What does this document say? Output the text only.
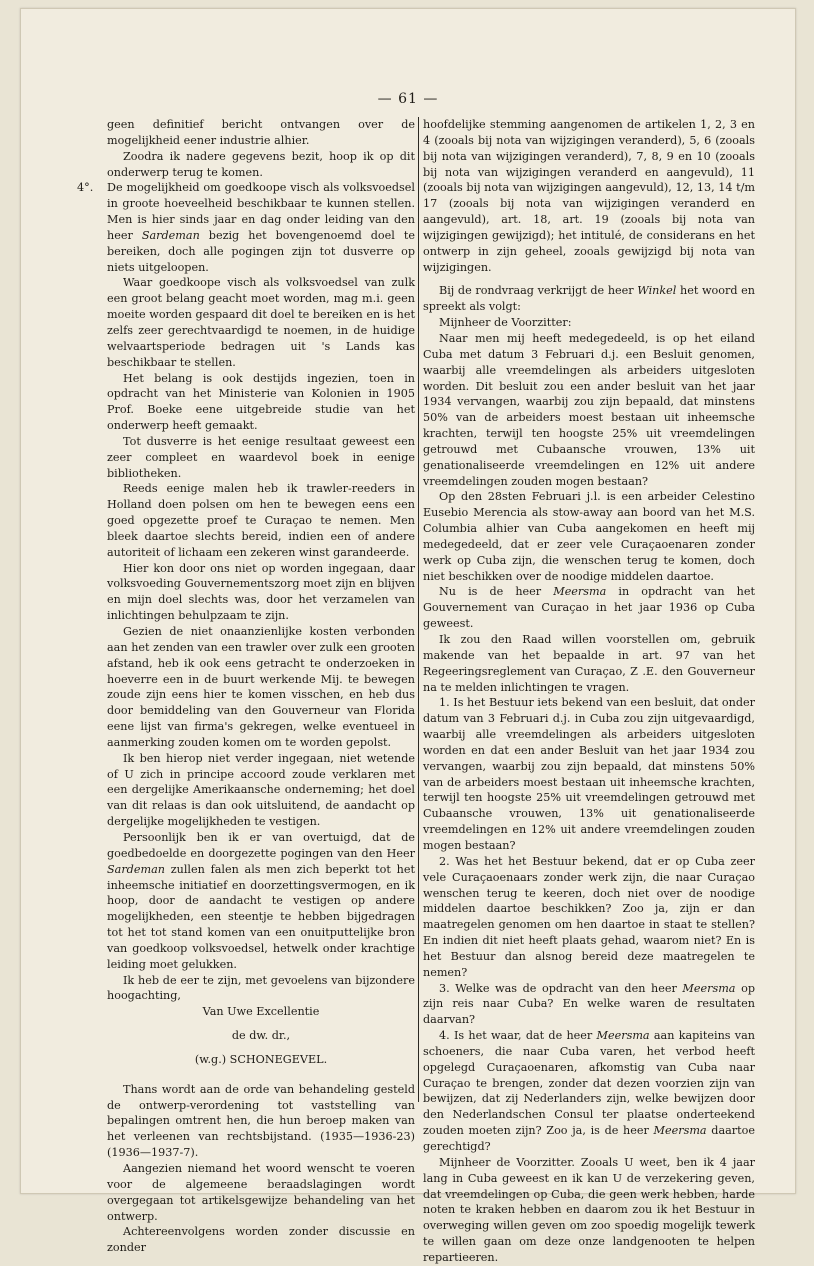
— 61 —

geen definitief bericht ontvangen over de mogelijkheid eener industrie alhier.

Zoodra ik nadere gegevens bezit, hoop ik op dit onderwerp terug te komen.

4°. De mogelijkheid om goedkoope visch als volksvoedsel in groote hoeveelheid beschikbaar te kunnen stellen. Men is hier sinds jaar en dag onder leiding van den heer Sardeman bezig het bovengenoemd doel te bereiken, doch alle pogingen zijn tot dusverre op niets uitgeloopen.

Waar goedkoope visch als volksvoedsel van zulk een groot belang geacht moet worden, mag m.i. geen moeite worden gespaard dit doel te bereiken en is het zelfs zeer gerechtvaardigd te noemen, in de huidige welvaartsperiode bedragen uit 's Lands kas beschikbaar te stellen.

Het belang is ook destijds ingezien, toen in opdracht van het Ministerie van Kolonien in 1905 Prof. Boeke eene uitgebreide studie van het onderwerp heeft gemaakt.

Tot dusverre is het eenige resultaat geweest een zeer compleet en waardevol boek in eenige bibliotheken.

Reeds eenige malen heb ik trawler-reeders in Holland doen polsen om hen te bewegen eens een goed opgezette proef te Curaçao te nemen. Men bleek daartoe slechts bereid, indien een of andere autoriteit of lichaam een zekeren winst garandeerde.

Hier kon door ons niet op worden ingegaan, daar volksvoeding Gouvernementszorg moet zijn en blijven en mijn doel slechts was, door het verzamelen van inlichtingen behulpzaam te zijn.

Gezien de niet onaanzienlijke kosten verbonden aan het zenden van een trawler over zulk een grooten afstand, heb ik ook eens getracht te onderzoeken in hoeverre een in de buurt werkende Mij. te bewegen zoude zijn eens hier te komen visschen, en heb dus door bemiddeling van den Gouverneur van Florida eene lijst van firma's gekregen, welke eventueel in aanmerking zouden komen om te worden gepolst.

Ik ben hierop niet verder ingegaan, niet wetende of U zich in principe accoord zoude verklaren met een dergelijke Amerikaansche onderneming; het doel van dit relaas is dan ook uitsluitend, de aandacht op dergelijke mogelijkheden te vestigen.

Persoonlijk ben ik er van overtuigd, dat de goedbedoelde en doorgezette pogingen van den Heer Sardeman zullen falen als men zich beperkt tot het inheemsche initiatief en doorzettingsvermogen, en ik hoop, door de aandacht te vestigen op andere mogelijkheden, een steentje te hebben bijgedragen tot het tot stand komen van een onuitputtelijke bron van goedkoop volksvoedsel, hetwelk onder krachtige leiding moet gelukken.

Ik heb de eer te zijn, met gevoelens van bijzondere hoogachting,

Van Uwe Excellentie

de dw. dr.,

(w.g.) SCHONEGEVEL.

Thans wordt aan de orde van behandeling gesteld de ontwerp-verordening tot vaststelling van bepalingen omtrent hen, die hun beroep maken van het verleenen van rechtsbijstand. (1935—1936-23) (1936—1937-7).

Aangezien niemand het woord wenscht te voeren voor de algemeene beraadslagingen wordt overgegaan tot artikelsgewijze behandeling van het ontwerp.

Achtereenvolgens worden zonder discussie en zonder

hoofdelijke stemming aangenomen de artikelen 1, 2, 3 en 4 (zooals bij nota van wijzigingen veranderd), 5, 6 (zooals bij nota van wijzigingen veranderd), 7, 8, 9 en 10 (zooals bij nota van wijzigingen veranderd en aangevuld), 11 (zooals bij nota van wijzigingen aangevuld), 12, 13, 14 t/m 17 (zooals bij nota van wijzigingen veranderd en aangevuld), art. 18, art. 19 (zooals bij nota van wijzigingen gewijzigd); het intitulé, de considerans en het ontwerp in zijn geheel, zooals gewijzigd bij nota van wijzigingen.

Bij de rondvraag verkrijgt de heer Winkel het woord en spreekt als volgt:

Mijnheer de Voorzitter:

Naar men mij heeft medegedeeld, is op het eiland Cuba met datum 3 Februari d.j. een Besluit genomen, waarbij alle vreemdelingen als arbeiders uitgesloten worden. Dit besluit zou een ander besluit van het jaar 1934 vervangen, waarbij zou zijn bepaald, dat minstens 50% van de arbeiders moest bestaan uit inheemsche krachten, terwijl ten hoogste 25% uit vreemdelingen getrouwd met Cubaansche vrouwen, 13% uit genationaliseerde vreemdelingen en 12% uit andere vreemdelingen zouden mogen bestaan?

Op den 28sten Februari j.l. is een arbeider Celestino Eusebio Merencia als stow-away aan boord van het M.S. Columbia alhier van Cuba aangekomen en heeft mij medegedeeld, dat er zeer vele Curaçaoenaren zonder werk op Cuba zijn, die wenschen terug te komen, doch niet beschikken over de noodige middelen daartoe.

Nu is de heer Meersma in opdracht van het Gouvernement van Curaçao in het jaar 1936 op Cuba geweest.

Ik zou den Raad willen voorstellen om, gebruik makende van het bepaalde in art. 97 van het Regeeringsreglement van Curaçao, Z .E. den Gouverneur na te melden inlichtingen te vragen.

1. Is het Bestuur iets bekend van een besluit, dat onder datum van 3 Februari d.j. in Cuba zou zijn uitgevaardigd, waarbij alle vreemdelingen als arbeiders uitgesloten worden en dat een ander Besluit van het jaar 1934 zou vervangen, waarbij zou zijn bepaald, dat minstens 50% van de arbeiders moest bestaan uit inheemsche krachten, terwijl ten hoogste 25% uit vreemdelingen getrouwd met Cubaansche vrouwen, 13% uit genationaliseerde vreemdelingen en 12% uit andere vreemdelingen zouden mogen bestaan?

2. Was het het Bestuur bekend, dat er op Cuba zeer vele Curaçaoenaars zonder werk zijn, die naar Curaçao wenschen terug te keeren, doch niet over de noodige middelen daartoe beschikken? Zoo ja, zijn er dan maatregelen genomen om hen daartoe in staat te stellen? En indien dit niet heeft plaats gehad, waarom niet? En is het Bestuur dan alsnog bereid deze maatregelen te nemen?

3. Welke was de opdracht van den heer Meersma op zijn reis naar Cuba? En welke waren de resultaten daarvan?

4. Is het waar, dat de heer Meersma aan kapiteins van schoeners, die naar Cuba varen, het verbod heeft opgelegd Curaçaoenaren, afkomstig van Cuba naar Curaçao te brengen, zonder dat dezen voorzien zijn van bewijzen, dat zij Nederlanders zijn, welke bewijzen door den Nederlandschen Consul ter plaatse onderteekend zouden moeten zijn? Zoo ja, is de heer Meersma daartoe gerechtigd?

Mijnheer de Voorzitter. Zooals U weet, ben ik 4 jaar lang in Cuba geweest en ik kan U de verzekering geven, dat vreemdelingen op Cuba, die geen werk hebben, harde noten te kraken hebben en daarom zou ik het Bestuur in overweging willen geven om zoo spoedig mogelijk tewerk te willen gaan om deze onze landgenooten te helpen repartieeren.
